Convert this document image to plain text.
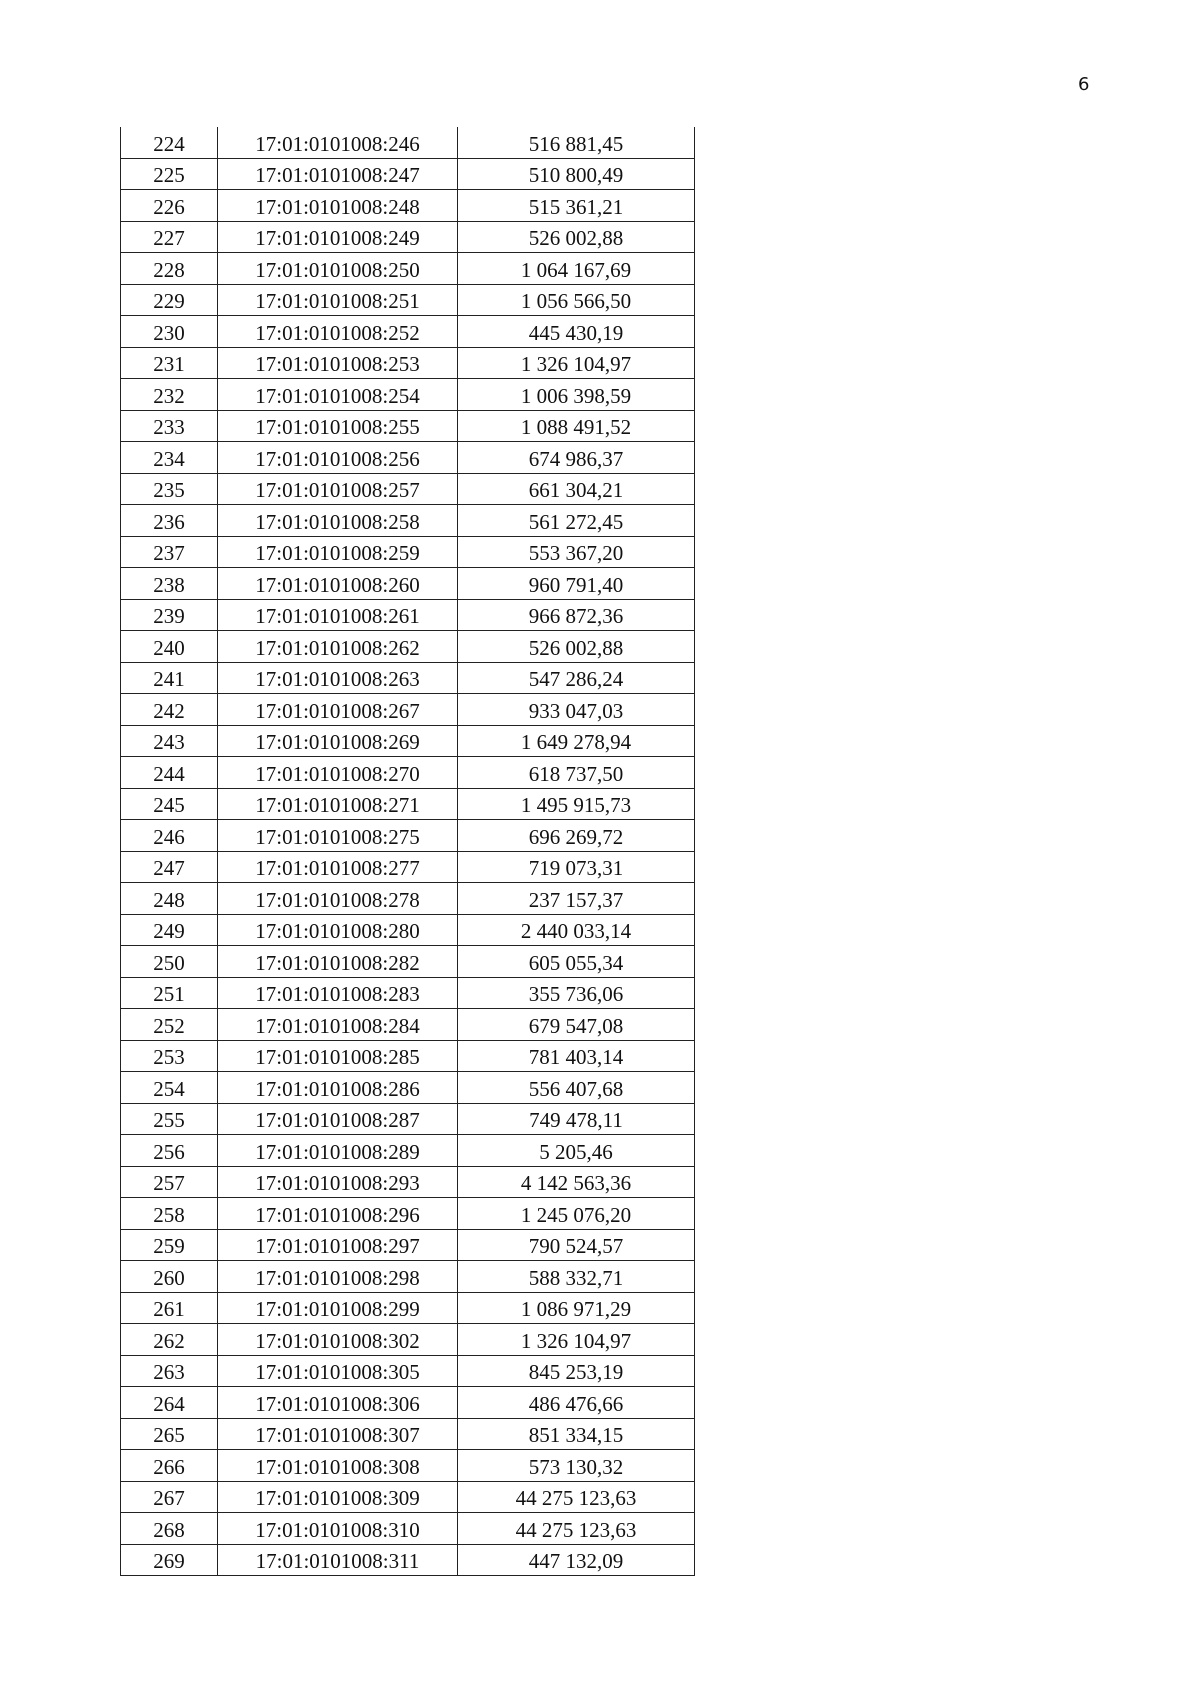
6
224	17:01:0101008:246	516 881,45
225	17:01:0101008:247	510 800,49
226	17:01:0101008:248	515 361,21
227	17:01:0101008:249	526 002,88
228	17:01:0101008:250	1 064 167,69
229	17:01:0101008:251	1 056 566,50
230	17:01:0101008:252	445 430,19
231	17:01:0101008:253	1 326 104,97
232	17:01:0101008:254	1 006 398,59
233	17:01:0101008:255	1 088 491,52
234	17:01:0101008:256	674 986,37
235	17:01:0101008:257	661 304,21
236	17:01:0101008:258	561 272,45
237	17:01:0101008:259	553 367,20
238	17:01:0101008:260	960 791,40
239	17:01:0101008:261	966 872,36
240	17:01:0101008:262	526 002,88
241	17:01:0101008:263	547 286,24
242	17:01:0101008:267	933 047,03
243	17:01:0101008:269	1 649 278,94
244	17:01:0101008:270	618 737,50
245	17:01:0101008:271	1 495 915,73
246	17:01:0101008:275	696 269,72
247	17:01:0101008:277	719 073,31
248	17:01:0101008:278	237 157,37
249	17:01:0101008:280	2 440 033,14
250	17:01:0101008:282	605 055,34
251	17:01:0101008:283	355 736,06
252	17:01:0101008:284	679 547,08
253	17:01:0101008:285	781 403,14
254	17:01:0101008:286	556 407,68
255	17:01:0101008:287	749 478,11
256	17:01:0101008:289	5 205,46
257	17:01:0101008:293	4 142 563,36
258	17:01:0101008:296	1 245 076,20
259	17:01:0101008:297	790 524,57
260	17:01:0101008:298	588 332,71
261	17:01:0101008:299	1 086 971,29
262	17:01:0101008:302	1 326 104,97
263	17:01:0101008:305	845 253,19
264	17:01:0101008:306	486 476,66
265	17:01:0101008:307	851 334,15
266	17:01:0101008:308	573 130,32
267	17:01:0101008:309	44 275 123,63
268	17:01:0101008:310	44 275 123,63
269	17:01:0101008:311	447 132,09
